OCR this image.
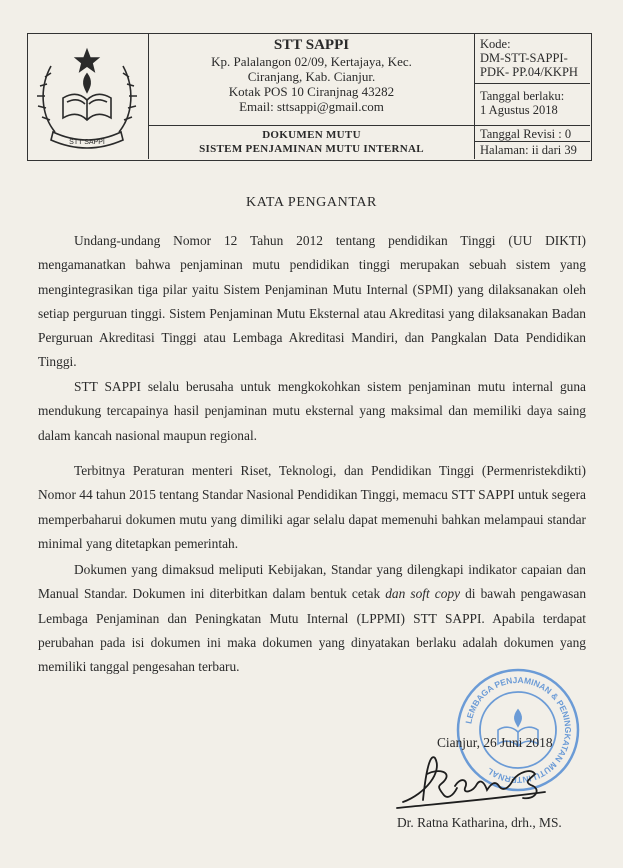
STT SAPPI
STT SAPPI
Kp. Palalangon 02/09, Kertajaya, Kec.
Ciranjang, Kab. Cianjur.
Kotak POS 10 Ciranjnag 43282
Email: sttsappi@gmail.com
DOKUMEN MUTU
SISTEM PENJAMINAN MUTU INTERNAL
Kode:
DM-STT-SAPPI-
PDK- PP.04/KKPH
Tanggal berlaku:
1 Agustus 2018
Tanggal Revisi : 0
Halaman: ii dari 39
KATA PENGANTAR
Undang-undang Nomor 12 Tahun 2012 tentang pendidikan Tinggi (UU DIKTI) mengamanatkan bahwa penjaminan mutu pendidikan tinggi merupakan sebuah sistem yang mengintegrasikan tiga pilar yaitu Sistem Penjaminan Mutu Internal (SPMI) yang dilaksanakan oleh setiap perguruan tinggi. Sistem Penjaminan Mutu Eksternal atau Akreditasi yang dilaksanakan Badan Perguruan Akreditasi Tinggi atau Lembaga Akreditasi Mandiri, dan Pangkalan Data Pendidikan Tinggi.
STT SAPPI selalu berusaha untuk mengkokohkan sistem penjaminan mutu internal guna mendukung tercapainya hasil penjaminan mutu eksternal yang maksimal dan memiliki daya saing dalam kancah nasional maupun regional.
Terbitnya Peraturan menteri Riset, Teknologi, dan Pendidikan Tinggi (Permenristekdikti) Nomor 44 tahun 2015 tentang Standar Nasional Pendidikan Tinggi, memacu STT SAPPI untuk segera memperbaharui dokumen mutu yang dimiliki agar selalu dapat memenuhi bahkan melampaui standar minimal yang ditetapkan pemerintah.
Dokumen yang dimaksud meliputi Kebijakan, Standar yang dilengkapi indikator capaian dan Manual Standar. Dokumen ini diterbitkan dalam bentuk cetak dan soft copy di bawah pengawasan Lembaga Penjaminan dan Peningkatan Mutu Internal (LPPMI) STT SAPPI. Apabila terdapat perubahan pada isi dokumen ini maka dokumen yang dinyatakan berlaku adalah dokumen yang memiliki tanggal pengesahan terbaru.
LEMBAGA PENJAMINAN & PENINGKATAN MUTU INTERNAL
Cianjur, 26 Juni 2018
Dr. Ratna Katharina, drh., MS.
